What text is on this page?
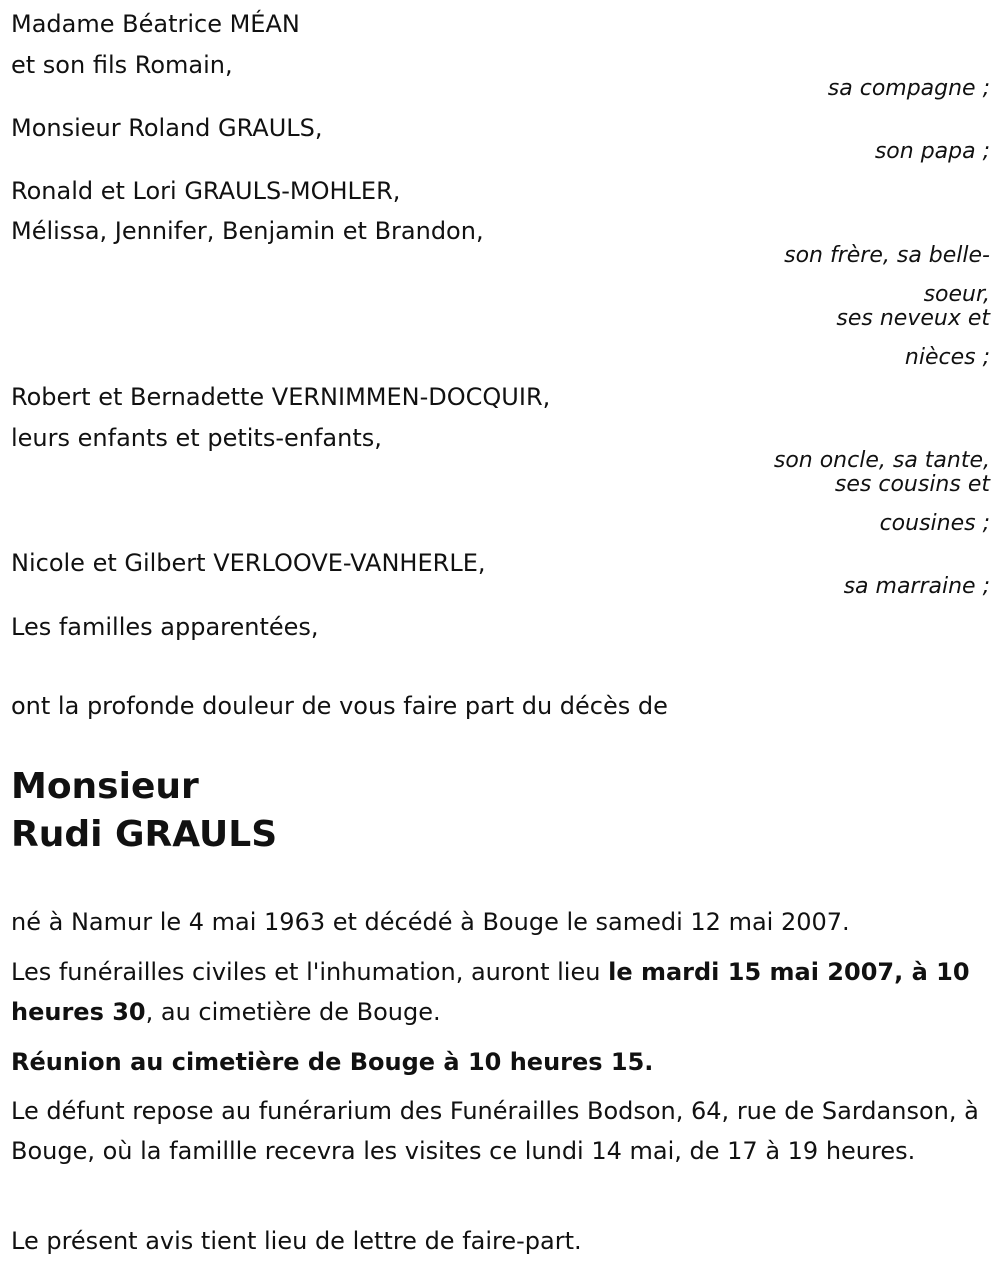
Madame Béatrice MÉAN

et son fils Romain,

sa compagne ;

Monsieur Roland GRAULS,

son papa ;

Ronald et Lori GRAULS-MOHLER,

Mélissa, Jennifer, Benjamin et Brandon,

son frère, sa belle-

soeur,

ses neveux et

nièces ;

Robert et Bernadette VERNIMMEN-DOCQUIR,

leurs enfants et petits-enfants,

son oncle, sa tante,

ses cousins et

cousines ;

Nicole et Gilbert VERLOOVE-VANHERLE,

sa marraine ;

Les familles apparentées,

ont la profonde douleur de vous faire part du décès de

Monsieur

Rudi GRAULS

né à Namur le 4 mai 1963 et décédé à Bouge le samedi 12 mai 2007.

Les funérailles civiles et l'inhumation, auront lieu le mardi 15 mai 2007, à 10 heures 30, au cimetière de Bouge.

Réunion au cimetière de Bouge à 10 heures 15.

Le défunt repose au funérarium des Funérailles Bodson, 64, rue de Sardanson, à Bouge, où la famillle recevra les visites ce lundi 14 mai, de 17 à 19 heures.

Le présent avis tient lieu de lettre de faire-part.
